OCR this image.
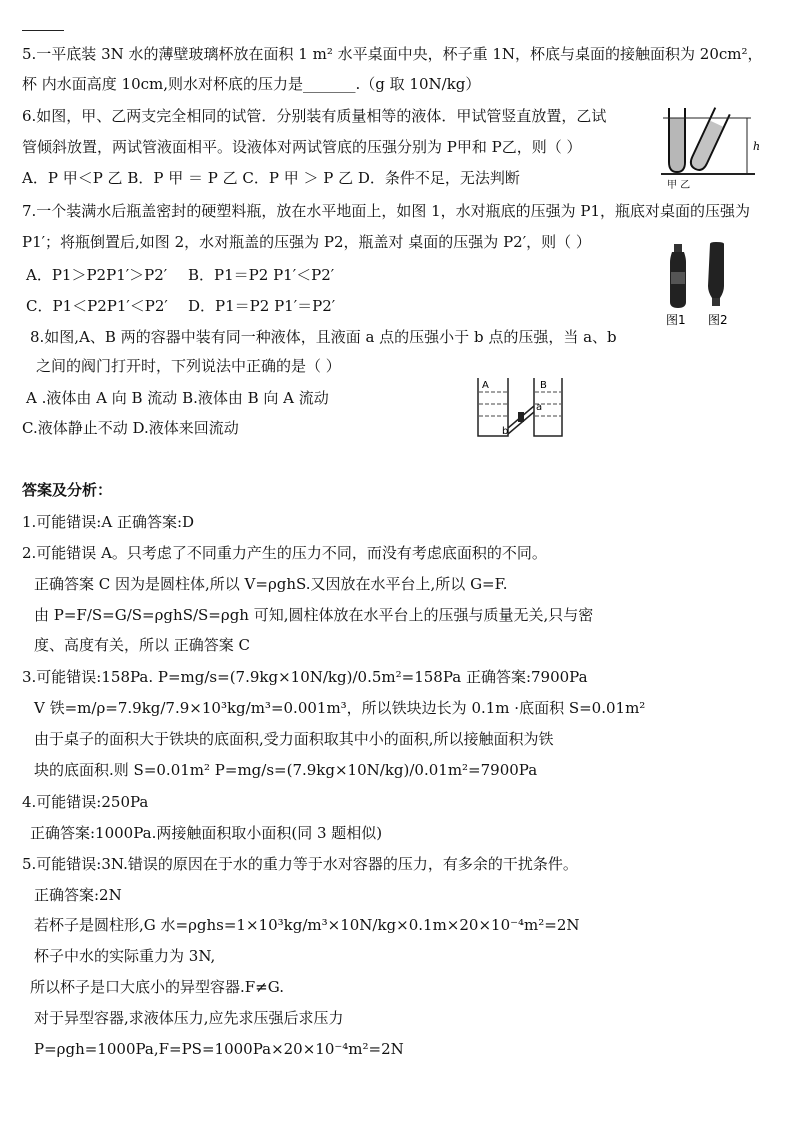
5.一平底装 3N 水的薄壁玻璃杯放在面积 1 m² 水平桌面中央，杯子重 1N，杯底与桌面的接触面积为 20cm²，
杯 内水面高度 10cm,则水对杯底的压力是_______.（g 取 10N/kg）
6.如图，甲、乙两支完全相同的试管．分别装有质量相等的液体．甲试管竖直放置，乙试
管倾斜放置，两试管液面相平。设液体对两试管底的压强分别为 P甲和 P乙，则（ ）
A．P 甲＜P 乙 B．P 甲 ＝ P 乙 C．P 甲 ＞ P 乙 D．条件不足，无法判断
h
甲 乙
7.一个装满水后瓶盖密封的硬塑料瓶，放在水平地面上，如图 1，水对瓶底的压强为 P1，瓶底对桌面的压强为
P1′；将瓶倒置后,如图 2，水对瓶盖的压强为 P2，瓶盖对 桌面的压强为 P2′，则（ ）
A．P1＞P2P1′＞P2′ B．P1＝P2 P1′＜P2′
C．P1＜P2P1′＜P2′ D．P1＝P2 P1′＝P2′
图1 图2
8.如图,A、B 两的容器中装有同一种液体，且液面 a 点的压强小于 b 点的压强，当 a、b
之间的阀门打开时，下列说法中正确的是（ ）
A .液体由 A 向 B 流动 B.液体由 B 向 A 流动
C.液体静止不动 D.液体来回流动
A	B
a
b
答案及分析：
1.可能错误:A 正确答案:D
2.可能错误 A。只考虑了不同重力产生的压力不同，而没有考虑底面积的不同。
正确答案 C 因为是圆柱体,所以 V=ρghS.又因放在水平台上,所以 G=F.
由 P=F/S=G/S=ρghS/S=ρgh 可知,圆柱体放在水平台上的压强与质量无关,只与密
度、高度有关，所以 正确答案 C
3.可能错误:158Pa. P=mg/s=(7.9kg×10N/kg)/0.5m²=158Pa 正确答案:7900Pa
V 铁=m/ρ=7.9kg/7.9×10³kg/m³=0.001m³，所以铁块边长为 0.1m ·底面积 S=0.01m²
由于桌子的面积大于铁块的底面积,受力面积取其中小的面积,所以接触面积为铁
块的底面积.则 S=0.01m² P=mg/s=(7.9kg×10N/kg)/0.01m²=7900Pa
4.可能错误:250Pa
正确答案:1000Pa.两接触面积取小面积(同 3 题相似)
5.可能错误:3N.错误的原因在于水的重力等于水对容器的压力，有多余的干扰条件。
正确答案:2N
若杯子是圆柱形,G 水=ρghs=1×10³kg/m³×10N/kg×0.1m×20×10⁻⁴m²=2N
杯子中水的实际重力为 3N,
所以杯子是口大底小的异型容器.F≠G.
对于异型容器,求液体压力,应先求压强后求压力
P=ρgh=1000Pa,F=PS=1000Pa×20×10⁻⁴m²=2N
